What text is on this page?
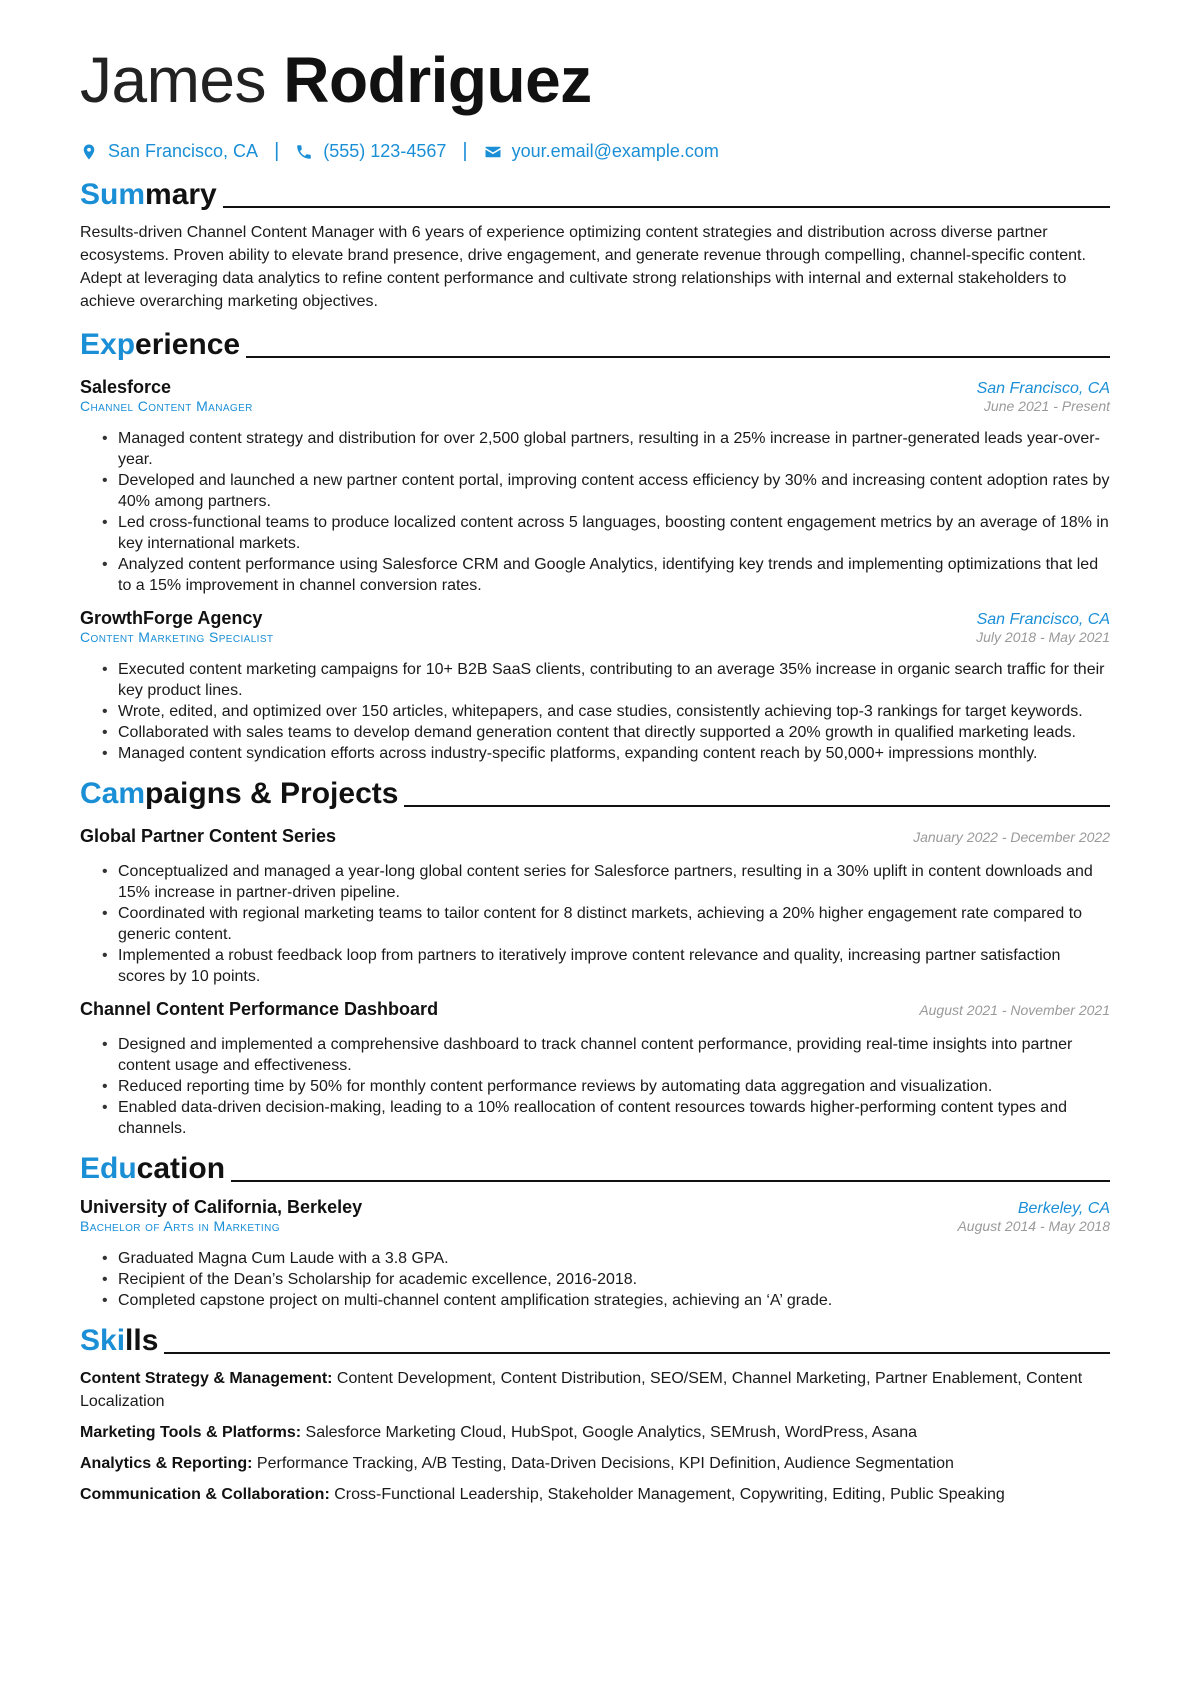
James Rodriguez
San Francisco, CA | (555) 123-4567 | your.email@example.com
Summary

Results-driven Channel Content Manager with 6 years of experience optimizing content strategies and distribution across diverse partner ecosystems. Proven ability to elevate brand presence, drive engagement, and generate revenue through compelling, channel-specific content. Adept at leveraging data analytics to refine content performance and cultivate strong relationships with internal and external stakeholders to achieve overarching marketing objectives.

Experience
Salesforce	San Francisco, CA
Channel Content Manager	June 2021 - Present
• Managed content strategy and distribution for over 2,500 global partners, resulting in a 25% increase in partner-generated leads year-over-year.
• Developed and launched a new partner content portal, improving content access efficiency by 30% and increasing content adoption rates by 40% among partners.
• Led cross-functional teams to produce localized content across 5 languages, boosting content engagement metrics by an average of 18% in key international markets.
• Analyzed content performance using Salesforce CRM and Google Analytics, identifying key trends and implementing optimizations that led to a 15% improvement in channel conversion rates.
GrowthForge Agency	San Francisco, CA
Content Marketing Specialist	July 2018 - May 2021
• Executed content marketing campaigns for 10+ B2B SaaS clients, contributing to an average 35% increase in organic search traffic for their key product lines.
• Wrote, edited, and optimized over 150 articles, whitepapers, and case studies, consistently achieving top-3 rankings for target keywords.
• Collaborated with sales teams to develop demand generation content that directly supported a 20% growth in qualified marketing leads.
• Managed content syndication efforts across industry-specific platforms, expanding content reach by 50,000+ impressions monthly.
Campaigns & Projects
Global Partner Content Series	January 2022 - December 2022
• Conceptualized and managed a year-long global content series for Salesforce partners, resulting in a 30% uplift in content downloads and 15% increase in partner-driven pipeline.
• Coordinated with regional marketing teams to tailor content for 8 distinct markets, achieving a 20% higher engagement rate compared to generic content.
• Implemented a robust feedback loop from partners to iteratively improve content relevance and quality, increasing partner satisfaction scores by 10 points.
Channel Content Performance Dashboard	August 2021 - November 2021
• Designed and implemented a comprehensive dashboard to track channel content performance, providing real-time insights into partner content usage and effectiveness.
• Reduced reporting time by 50% for monthly content performance reviews by automating data aggregation and visualization.
• Enabled data-driven decision-making, leading to a 10% reallocation of content resources towards higher-performing content types and channels.
Education
University of California, Berkeley	Berkeley, CA
Bachelor of Arts in Marketing	August 2014 - May 2018
• Graduated Magna Cum Laude with a 3.8 GPA.
• Recipient of the Dean’s Scholarship for academic excellence, 2016-2018.
• Completed capstone project on multi-channel content amplification strategies, achieving an ‘A’ grade.
Skills
Content Strategy & Management: Content Development, Content Distribution, SEO/SEM, Channel Marketing, Partner Enablement, Content Localization
Marketing Tools & Platforms: Salesforce Marketing Cloud, HubSpot, Google Analytics, SEMrush, WordPress, Asana
Analytics & Reporting: Performance Tracking, A/B Testing, Data-Driven Decisions, KPI Definition, Audience Segmentation
Communication & Collaboration: Cross-Functional Leadership, Stakeholder Management, Copywriting, Editing, Public Speaking
